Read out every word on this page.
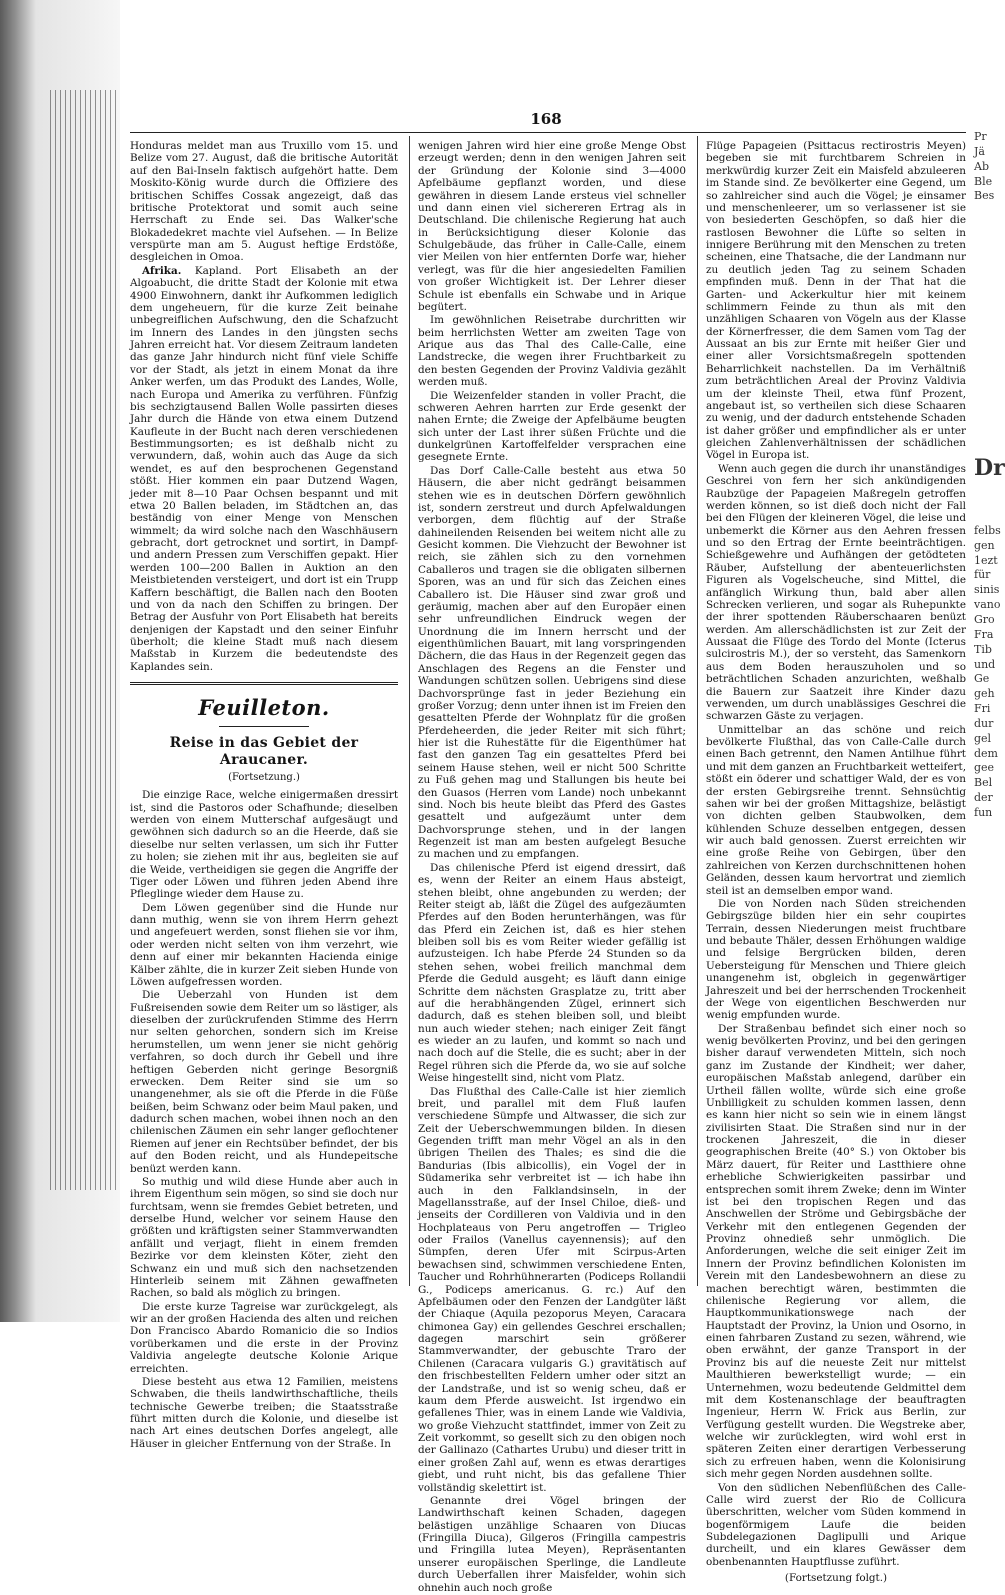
168

Honduras meldet man aus Truxillo vom 15. und Belize vom 27. August, daß die britische Autorität auf den Bai-Inseln faktisch aufgehört hatte. Dem Moskito-König wurde durch die Offiziere des britischen Schiffes Cossak angezeigt, daß das britische Protektorat und somit auch seine Herrschaft zu Ende sei. Das Walker'sche Blokadedekret machte viel Aufsehen. — In Belize verspürte man am 5. August heftige Erdstöße, desgleichen in Omoa.

Afrika. Kapland. Port Elisabeth an der Algoabucht, die dritte Stadt der Kolonie mit etwa 4900 Einwohnern, dankt ihr Aufkommen lediglich dem ungeheuern, für die kurze Zeit beinahe unbegreiflichen Aufschwung, den die Schafzucht im Innern des Landes in den jüngsten sechs Jahren erreicht hat. Vor diesem Zeitraum landeten das ganze Jahr hindurch nicht fünf viele Schiffe vor der Stadt, als jetzt in einem Monat da ihre Anker werfen, um das Produkt des Landes, Wolle, nach Europa und Amerika zu verführen. Fünfzig bis sechzigtausend Ballen Wolle passirten dieses Jahr durch die Hände von etwa einem Dutzend Kaufleute in der Bucht nach deren verschiedenen Bestimmungsorten; es ist deßhalb nicht zu verwundern, daß, wohin auch das Auge da sich wendet, es auf den besprochenen Gegenstand stößt. Hier kommen ein paar Dutzend Wagen, jeder mit 8—10 Paar Ochsen bespannt und mit etwa 20 Ballen beladen, im Städtchen an, das beständig von einer Menge von Menschen wimmelt; da wird solche nach den Waschhäusern gebracht, dort getrocknet und sortirt, in Dampf- und andern Pressen zum Verschiffen gepakt. Hier werden 100—200 Ballen in Auktion an den Meistbietenden versteigert, und dort ist ein Trupp Kaffern beschäftigt, die Ballen nach den Booten und von da nach den Schiffen zu bringen. Der Betrag der Ausfuhr von Port Elisabeth hat bereits denjenigen der Kapstadt und den seiner Einfuhr überholt; die kleine Stadt muß nach diesem Maßstab in Kurzem die bedeutendste des Kaplandes sein.

Feuilleton.
Reise in das Gebiet der Araucaner.
(Fortsetzung.)

Die einzige Race, welche einigermaßen dressirt ist, sind die Pastoros oder Schafhunde; dieselben werden von einem Mutterschaf aufgesäugt und gewöhnen sich dadurch so an die Heerde, daß sie dieselbe nur selten verlassen, um sich ihr Futter zu holen; sie ziehen mit ihr aus, begleiten sie auf die Weide, vertheidigen sie gegen die Angriffe der Tiger oder Löwen und führen jeden Abend ihre Pfleglinge wieder dem Hause zu.

Dem Löwen gegenüber sind die Hunde nur dann muthig, wenn sie von ihrem Herrn gehezt und angefeuert werden, sonst fliehen sie vor ihm, oder werden nicht selten von ihm verzehrt, wie denn auf einer mir bekannten Hacienda einige Kälber zählte, die in kurzer Zeit sieben Hunde von Löwen aufgefressen worden.

Die Ueberzahl von Hunden ist dem Fußreisenden sowie dem Reiter um so lästiger, als dieselben der zurückrufenden Stimme des Herrn nur selten gehorchen, sondern sich im Kreise herumstellen, um wenn jener sie nicht gehörig verfahren, so doch durch ihr Gebell und ihre heftigen Geberden nicht geringe Besorgniß erwecken. Dem Reiter sind sie um so unangenehmer, als sie oft die Pferde in die Füße beißen, beim Schwanz oder beim Maul paken, und dadurch schen machen, wobei ihnen noch an den chilenischen Zäumen ein sehr langer geflochtener Riemen auf jener ein Rechtsüber befindet, der bis auf den Boden reicht, und als Hundepeitsche benüzt werden kann.

So muthig und wild diese Hunde aber auch in ihrem Eigenthum sein mögen, so sind sie doch nur furchtsam, wenn sie fremdes Gebiet betreten, und derselbe Hund, welcher vor seinem Hause den größten und kräftigsten seiner Stammverwandten anfällt und verjagt, flieht in einem fremden Bezirke vor dem kleinsten Köter, zieht den Schwanz ein und muß sich den nachsetzenden Hinterleib seinem mit Zähnen gewaffneten Rachen, so bald als möglich zu bringen.

Die erste kurze Tagreise war zurückgelegt, als wir an der großen Hacienda des alten und reichen Don Francisco Abardo Romanicio die so Indios vorüberkamen und die erste in der Provinz Valdivia angelegte deutsche Kolonie Arique erreichten.

Diese besteht aus etwa 12 Familien, meistens Schwaben, die theils landwirthschaftliche, theils technische Gewerbe treiben; die Staatsstraße führt mitten durch die Kolonie, und dieselbe ist nach Art eines deutschen Dorfes angelegt, alle Häuser in gleicher Entfernung von der Straße. In

wenigen Jahren wird hier eine große Menge Obst erzeugt werden; denn in den wenigen Jahren seit der Gründung der Kolonie sind 3—4000 Apfelbäume gepflanzt worden, und diese gewähren in diesem Lande ersteus viel schneller und dann einen viel sichereren Ertrag als in Deutschland. Die chilenische Regierung hat auch in Berücksichtigung dieser Kolonie das Schulgebäude, das früher in Calle-Calle, einem vier Meilen von hier entfernten Dorfe war, hieher verlegt, was für die hier angesiedelten Familien von großer Wichtigkeit ist. Der Lehrer dieser Schule ist ebenfalls ein Schwabe und in Arique begütert.

Im gewöhnlichen Reisetrabe durchritten wir beim herrlichsten Wetter am zweiten Tage von Arique aus das Thal des Calle-Calle, eine Landstrecke, die wegen ihrer Fruchtbarkeit zu den besten Gegenden der Provinz Valdivia gezählt werden muß.

Die Weizenfelder standen in voller Pracht, die schweren Aehren harrten zur Erde gesenkt der nahen Ernte; die Zweige der Apfelbäume beugten sich unter der Last ihrer süßen Früchte und die dunkelgrünen Kartoffelfelder versprachen eine gesegnete Ernte.

Das Dorf Calle-Calle besteht aus etwa 50 Häusern, die aber nicht gedrängt beisammen stehen wie es in deutschen Dörfern gewöhnlich ist, sondern zerstreut und durch Apfelwaldungen verborgen, dem flüchtig auf der Straße dahineilenden Reisenden bei weitem nicht alle zu Gesicht kommen. Die Viehzucht der Bewohner ist reich, sie zählen sich zu den vornehmen Caballeros und tragen sie die obligaten silbernen Sporen, was an und für sich das Zeichen eines Caballero ist. Die Häuser sind zwar groß und geräumig, machen aber auf den Europäer einen sehr unfreundlichen Eindruck wegen der Unordnung die im Innern herrscht und der eigenthümlichen Bauart, mit lang vorspringenden Dächern, die das Haus in der Regenzeit gegen das Anschlagen des Regens an die Fenster und Wandungen schützen sollen. Uebrigens sind diese Dachvorsprünge fast in jeder Beziehung ein großer Vorzug; denn unter ihnen ist im Freien den gesattelten Pferde der Wohnplatz für die großen Pferdeheerden, die jeder Reiter mit sich führt; hier ist die Ruhestätte für die Eigenthümer hat fast den ganzen Tag ein gesatteltes Pferd bei seinem Hause stehen, weil er nicht 500 Schritte zu Fuß gehen mag und Stallungen bis heute bei den Guasos (Herren vom Lande) noch unbekannt sind. Noch bis heute bleibt das Pferd des Gastes gesattelt und aufgezäumt unter dem Dachvorsprunge stehen, und in der langen Regenzeit ist man am besten aufgelegt Besuche zu machen und zu empfangen.

Das chilenische Pferd ist eigend dressirt, daß es, wenn der Reiter an einem Haus absteigt, stehen bleibt, ohne angebunden zu werden; der Reiter steigt ab, läßt die Zügel des aufgezäumten Pferdes auf den Boden herunterhängen, was für das Pferd ein Zeichen ist, daß es hier stehen bleiben soll bis es vom Reiter wieder gefällig ist aufzusteigen. Ich habe Pferde 24 Stunden so da stehen sehen, wobei freilich manchmal dem Pferde die Geduld ausgeht; es läuft dann einige Schritte dem nächsten Grasplatze zu, tritt aber auf die herabhängenden Zügel, erinnert sich dadurch, daß es stehen bleiben soll, und bleibt nun auch wieder stehen; nach einiger Zeit fängt es wieder an zu laufen, und kommt so nach und nach doch auf die Stelle, die es sucht; aber in der Regel rühren sich die Pferde da, wo sie auf solche Weise hingestellt sind, nicht vom Platz.

Das Flußthal des Calle-Calle ist hier ziemlich breit, und parallel mit dem Fluß laufen verschiedene Sümpfe und Altwasser, die sich zur Zeit der Ueberschwemmungen bilden. In diesen Gegenden trifft man mehr Vögel an als in den übrigen Theilen des Thales; es sind die die Bandurias (Ibis albicollis), ein Vogel der in Südamerika sehr verbreitet ist — ich habe ihn auch in den Falklandsinseln, in der Magellansstraße, auf der Insel Chiloe, dieß- und jenseits der Cordilleren von Valdivia und in den Hochplateaus von Peru angetroffen — Trigleo oder Frailos (Vanellus cayennensis); auf den Sümpfen, deren Ufer mit Scirpus-Arten bewachsen sind, schwimmen verschiedene Enten, Taucher und Rohrhühnerarten (Podiceps Rollandii G., Podiceps americanus. G. rc.) Auf den Apfelbäumen oder den Fenzen der Landgüter läßt der Chiaque (Aquila pezoporus Meyen, Caracara chimonea Gay) ein gellendes Geschrei erschallen; dagegen marschirt sein größerer Stammverwandter, der gebuschte Traro der Chilenen (Caracara vulgaris G.) gravitätisch auf den frischbestellten Feldern umher oder sitzt an der Landstraße, und ist so wenig scheu, daß er kaum dem Pferde ausweicht. Ist irgendwo ein gefallenes Thier, was in einem Lande wie Valdivia, wo große Viehzucht stattfindet, immer von Zeit zu Zeit vorkommt, so gesellt sich zu den obigen noch der Gallinazo (Cathartes Urubu) und dieser tritt in einer großen Zahl auf, wenn es etwas derartiges giebt, und ruht nicht, bis das gefallene Thier vollständig skelettirt ist.

Genannte drei Vögel bringen der Landwirthschaft keinen Schaden, dagegen belästigen unzählige Schaaren von Diucas (Fringilla Diuca), Gilgeros (Fringilla campestris und Fringilla lutea Meyen), Repräsentanten unserer europäischen Sperlinge, die Landleute durch Ueberfallen ihrer Maisfelder, wohin sich ohnehin auch noch große

Flüge Papageien (Psittacus rectirostris Meyen) begeben sie mit furchtbarem Schreien in merkwürdig kurzer Zeit ein Maisfeld abzuleeren im Stande sind. Ze bevölkerter eine Gegend, um so zahlreicher sind auch die Vögel; je einsamer und menschenleerer, um so verlassener ist sie von besiederten Geschöpfen, so daß hier die rastlosen Bewohner die Lüfte so selten in innigere Berührung mit den Menschen zu treten scheinen, eine Thatsache, die der Landmann nur zu deutlich jeden Tag zu seinem Schaden empfinden muß. Denn in der That hat die Garten- und Ackerkultur hier mit keinem schlimmern Feinde zu thun als mit den unzähligen Schaaren von Vögeln aus der Klasse der Körnerfresser, die dem Samen vom Tag der Aussaat an bis zur Ernte mit heißer Gier und einer aller Vorsichtsmaßregeln spottenden Beharrlichkeit nachstellen. Da im Verhältniß zum beträchtlichen Areal der Provinz Valdivia um der kleinste Theil, etwa fünf Prozent, angebaut ist, so vertheilen sich diese Schaaren zu wenig, und der dadurch entstehende Schaden ist daher größer und empfindlicher als er unter gleichen Zahlenverhältnissen der schädlichen Vögel in Europa ist.

Wenn auch gegen die durch ihr unanständiges Geschrei von fern her sich ankündigenden Raubzüge der Papageien Maßregeln getroffen werden können, so ist dieß doch nicht der Fall bei den Flügen der kleineren Vögel, die leise und unbemerkt die Körner aus den Aehren fressen und so den Ertrag der Ernte beeinträchtigen. Schießgewehre und Aufhängen der getödteten Räuber, Aufstellung der abenteuerlichsten Figuren als Vogelscheuche, sind Mittel, die anfänglich Wirkung thun, bald aber allen Schrecken verlieren, und sogar als Ruhepunkte der ihrer spottenden Räuberschaaren benüzt werden. Am allerschädlichsten ist zur Zeit der Aussaat die Flüge des Tordo del Monte (Icterus sulcirostris M.), der so versteht, das Samenkorn aus dem Boden herauszuholen und so beträchtlichen Schaden anzurichten, weßhalb die Bauern zur Saatzeit ihre Kinder dazu verwenden, um durch unablässiges Geschrei die schwarzen Gäste zu verjagen.

Unmittelbar an das schöne und reich bevölkerte Flußthal, das von Calle-Calle durch einen Bach getrennt, den Namen Antilhue führt und mit dem ganzen an Fruchtbarkeit wetteifert, stößt ein öderer und schattiger Wald, der es von der ersten Gebirgsreihe trennt. Sehnsüchtig sahen wir bei der großen Mittagshize, belästigt von dichten gelben Staubwolken, dem kühlenden Schuze desselben entgegen, dessen wir auch bald genossen. Zuerst erreichten wir eine große Reihe von Gebirgen, über den zahlreichen von Kerzen durchschnittenen hohen Geländen, dessen kaum hervortrat und ziemlich steil ist an demselben empor wand.

Die von Norden nach Süden streichenden Gebirgszüge bilden hier ein sehr coupirtes Terrain, dessen Niederungen meist fruchtbare und bebaute Thäler, dessen Erhöhungen waldige und felsige Bergrücken bilden, deren Uebersteigung für Menschen und Thiere gleich unangenehm ist, obgleich in gegenwärtiger Jahreszeit und bei der herrschenden Trockenheit der Wege von eigentlichen Beschwerden nur wenig empfunden wurde.

Der Straßenbau befindet sich einer noch so wenig bevölkerten Provinz, und bei den geringen bisher darauf verwendeten Mitteln, sich noch ganz im Zustande der Kindheit; wer daher, europäischen Maßstab anlegend, darüber ein Urtheil fällen wollte, würde sich eine große Unbilligkeit zu schulden kommen lassen, denn es kann hier nicht so sein wie in einem längst zivilisirten Staat. Die Straßen sind nur in der trockenen Jahreszeit, die in dieser geographischen Breite (40° S.) von Oktober bis März dauert, für Reiter und Lastthiere ohne erhebliche Schwierigkeiten passirbar und entsprechen somit ihrem Zweke; denn im Winter ist bei den tropischen Regen und das Anschwellen der Ströme und Gebirgsbäche der Verkehr mit den entlegenen Gegenden der Provinz ohnedieß sehr unmöglich. Die Anforderungen, welche die seit einiger Zeit im Innern der Provinz befindlichen Kolonisten im Verein mit den Landesbewohnern an diese zu machen berechtigt wären, bestimmten die chilenische Regierung vor allem, die Hauptkommunikationswege nach der Hauptstadt der Provinz, la Union und Osorno, in einen fahrbaren Zustand zu sezen, während, wie oben erwähnt, der ganze Transport in der Provinz bis auf die neueste Zeit nur mittelst Maulthieren bewerkstelligt wurde; — ein Unternehmen, wozu bedeutende Geldmittel dem mit dem Kostenanschlage der beauftragten Ingenieur, Herrn W. Frick aus Berlin, zur Verfügung gestellt wurden. Die Wegstreke aber, welche wir zurücklegten, wird wohl erst in späteren Zeiten einer derartigen Verbesserung sich zu erfreuen haben, wenn die Kolonisirung sich mehr gegen Norden ausdehnen sollte.

Von den südlichen Nebenflüßchen des Calle-Calle wird zuerst der Rio de Collicura überschritten, welcher vom Süden kommend in bogenförmigem Laufe die beiden Subdelegazionen Daglipulli und Arique durcheilt, und ein klares Gewässer dem obenbenannten Hauptflusse zuführt.

(Fortsetzung folgt.)
Pr
Jä
Ab
Ble
Bes
Dr
felbs
gen
1ezt
für
sinis
vano
Gro
Fra
Tib
und
Ge
geh
Fri
dur
gel
dem
gee
Bel
der
fun
